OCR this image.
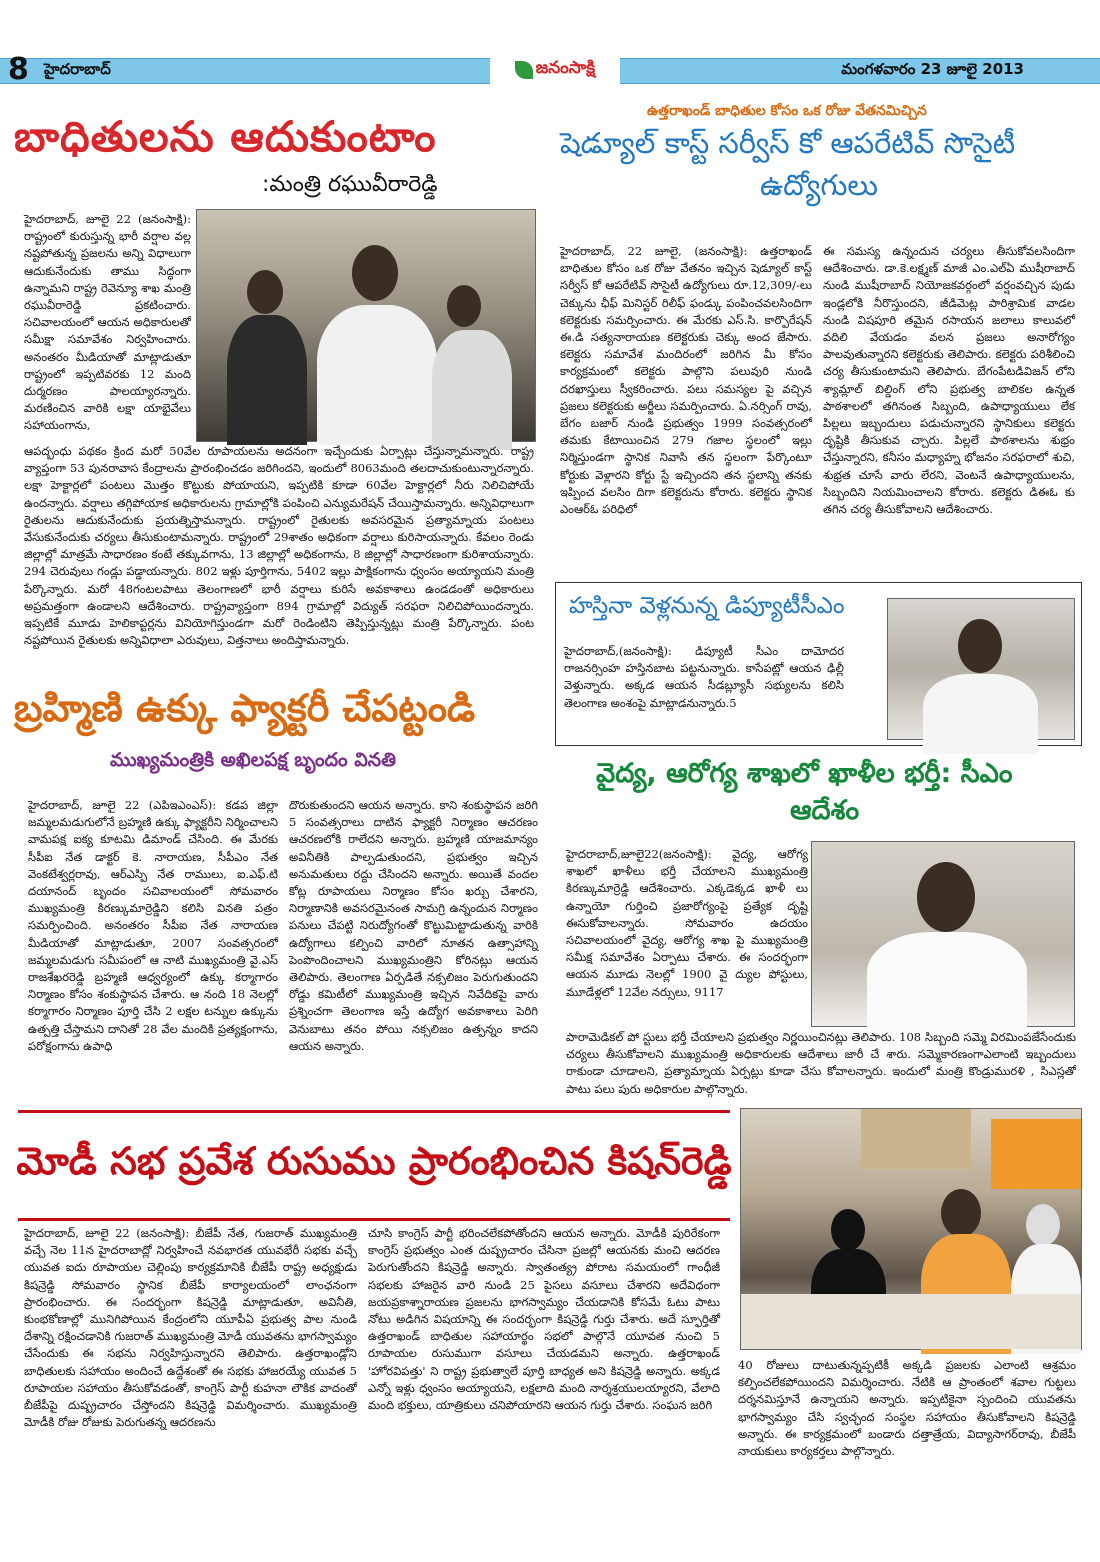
8 హైదరాబాద్	జనంసాక్షి	మంగళవారం 23 జూలై 2013
బాధితులను ఆదుకుంటాం
:మంత్రి రఘువీరారెడ్డి

హైదరాబాద్, జూలై 22 (జనంసాక్షి): రాష్ట్రంలో కురుస్తున్న భారీ వర్షాల వల్ల నష్టపోతున్న ప్రజలను అన్ని విధాలుగా ఆదుకునేందుకు తాము సిద్ధంగా ఉన్నామని రాష్ట్ర రెవెన్యూ శాఖ మంత్రి రఘువీరారెడ్డి ప్రకటించారు. సచివాలయంలో ఆయన అధికారులతో సమీక్షా సమావేశం నిర్వహించారు. అనంతరం మీడియాతో మాట్లాడుతూ రాష్ట్రంలో ఇప్పటివరకు 12 మంది దుర్మరణం పాలయ్యారన్నారు. మరణించిన వారికి లక్షా యాభైవేలు సహాయంగాను,

ఆపద్బంధు పథకం క్రింద మరో 50వేల రూపాయలను అదనంగా ఇచ్చేందుకు ఏర్పాట్లు చేస్తున్నామన్నారు. రాష్ట్ర వ్యాప్తంగా 53 పునరావాస కేంద్రాలను ప్రారంభించడం జరిగిందని, ఇందులో 8063మంది తలదాచుకుంటున్నారన్నారు. లక్షా హెక్టార్లలో పంటలు మొత్తం కొట్టుకు పోయాయని, ఇప్పటికి కూడా 60వేల హెక్టార్లలో నీరు నిలిచిపోయే ఉందన్నారు. వర్షాలు తగ్గిపోయాక అధికారులను గ్రామాల్లోకి పంపించి ఎన్యుమరేషన్ చేయిస్తామన్నారు. అన్నివిధాలుగా రైతులను ఆదుకునేందుకు ప్రయత్నిస్తామన్నారు. రాష్ట్రంలో రైతులకు అవసరమైన ప్రత్యామ్నాయ పంటలు వేసుకునేందుకు చర్యలు తీసుకుంటామన్నారు. రాష్ట్రంలో 29శాతం అధికంగా వర్షాలు కురిసాయన్నారు. కేవలం రెండు జిల్లాల్లో మాత్రమే సాధారణం కంటే తక్కువగాను, 13 జిల్లాల్లో అధికంగాను, 8 జిల్లాల్లో సాధారణంగా కురిశాయన్నారు. 294 చెరువులు గండ్లు పడ్డాయన్నారు. 802 ఇళ్లు పూర్తిగాను, 5402 ఇల్లు పాక్షికంగాను ధ్వంసం అయ్యాయని మంత్రి పేర్కొన్నారు. మరో 48గంటలపాటు తెలంగాణలో భారీ వర్షాలు కురిసే అవకాశాలు ఉండడంతో అధికారులు అప్రమత్తంగా ఉండాలని ఆదేశించారు. రాష్ట్రవ్యాప్తంగా 894 గ్రామాల్లో విద్యుత్ సరఫరా నిలిచిపోయిందన్నారు. ఇప్పటికే మూడు హెలికాప్టర్లను వినియోగిస్తుండగా మరో రెండింటిని తెప్పిస్తున్నట్లు మంత్రి పేర్కొన్నారు. పంట నష్టపోయిన రైతులకు అన్నివిధాలా ఎరువులు, విత్తనాలు అందిస్తామన్నారు.

ఉత్తరాఖండ్ బాధితుల కోసం ఒక రోజు వేతనమిచ్చిన
షెడ్యూల్ కాస్ట్ సర్వీస్ కో ఆపరేటివ్ సొసైటీ
ఉద్యోగులు

హైదరాబాద్, 22 జూలై, (జనంసాక్షి): ఉత్తరాఖండ్ బాధితుల కోసం ఒక రోజు వేతనం ఇచ్చిన షెడ్యూల్ కాస్ట్ సర్వీస్ కో ఆపరేటివ్ సొసైటీ ఉద్యోగులు రూ.12,309/-లు చెక్కును ఛీఫ్ మినిస్టర్ రిలీఫ్ ఫండ్కు పంపించవలసిందిగా కలెక్టరుకు సమర్పించారు. ఈ మేరకు ఎస్.సి. కార్పొరేషన్ ఈ.డి సత్యనారాయణ కలెక్టరుకు చెక్కు అంద జేసారు. కలెక్టరు సమావేశ మందిరంలో జరిగిన మీ కోసం కార్యక్రమంలో కలెక్టరు పాల్గొని పలువురి నుండి దరఖాస్తులు స్వీకరించారు. పలు సమస్యల పై వచ్చిన ప్రజలు కలెక్టరుకు అర్జీలు సమర్పించారు. ఏ.నర్సింగ్ రావు, బేగం బజార్ నుండి ప్రభుత్వం 1999 సంవత్సరంలో తమకు కేటాయించిన 279 గజాల స్థలంలో ఇల్లు నిర్మిస్తుండగా స్థానిక నివాసి తన స్థలంగా పేర్కొంటూ కోర్టుకు వెళ్లారని కోర్టు స్టే ఇచ్చిందని తన స్థలాన్ని తనకు ఇప్పించ వలసిం దిగా కలెక్టరును కోరారు. కలెక్టరు స్థానిక ఎంఆర్ఓ పరిధిలో

ఈ సమస్య ఉన్నందున చర్యలు తీసుకోవలసిందిగా ఆదేశించారు. డా.కె.లక్ష్మణ్ మాజీ ఎం.ఎల్ఏ ముషీరాబాద్ నుండి ముషీరాబాద్ నియోజకవర్గంలో వర్షంవచ్చిన పుడు ఇండ్లలోకి నీరొస్తుందని, జీడిమెట్ల పారిశ్రామిక వాడల నుండి విషపూరి తమైన రసాయన జలాలు కాలువలో వదిలి వేయడం వలన ప్రజలు అనారోగ్యం పాలవుతున్నారని కలెక్టరుకు తెలిపారు. కలెక్టరు పరిశీలించి చర్య తీసుకుంటామని తెలిపారు. బేగంపేటడివిజన్ లోని శ్యామ్లాల్ బిల్డింగ్ లోని ప్రభుత్వ బాలికల ఉన్నత పాఠశాలలో తగినంత సిబ్బంది, ఉపాధ్యాయులు లేక పిల్లలు ఇబ్బందులు పడుచున్నారని స్థానికులు కలెక్టరు దృష్టికి తీసుకువ చ్చారు. పిల్లలే పాఠశాలను శుభ్రం చేస్తున్నారని, కనీసం మధ్యాహ్న భోజనం సరఫరాలో శుచి, శుభ్రత చూసే వారు లేరని, వెంటనే ఉపాధ్యాయులను, సిబ్బందిని నియమించాలని కోరారు. కలెక్టరు డిఈఓ కు తగిన చర్య తీసుకోవాలని ఆదేశించారు.

హస్తినా వెళ్లనున్న డిప్యూటీసీఎం

హైదరాబాద్,(జనంసాక్షి): డిప్యూటీ సీఎం దామోదర రాజనర్సింహ హస్తినబాట పట్టనున్నారు. కాసేపట్లో ఆయన ఢిల్లీ వెళ్తున్నారు. అక్కడ ఆయన సీడబ్ల్యూసీ సభ్యులను కలిసి తెలంగాణ అంశంపై మాట్లాడనున్నారు.5

బ్రహ్మిణి ఉక్కు ఫ్యాక్టరీ చేపట్టండి
ముఖ్యమంత్రికి అఖిలపక్ష బృందం వినతి

హైదరాబాద్, జూలై 22 (ఎపిఇఎంఎస్): కడప జిల్లా జమ్మలమడుగులోనే బ్రహ్మణి ఉక్కు ఫ్యాక్టరీని నిర్మించాలని వామపక్ష ఐక్య కూటమి డిమాండ్ చేసింది. ఈ మేరకు సీపీఐ నేత డాక్టర్ కె. నారాయణ, సీపీఎం నేత వెంకటేశ్వర్లరావు, ఆర్ఎస్పి నేత రాములు, ఐ.ఎఫ్.టి దయానంద్ బృందం సచివాలయంలో సోమవారం ముఖ్యమంత్రి కిరణ్కుమార్రెడ్డిని కలిసి వినతి పత్రం సమర్పించింది. అనంతరం సీపీఐ నేత నారాయణ మీడియాతో మాట్లాడుతూ, 2007 సంవత్సరంలో జమ్మలమడుగు సమీపంలో ఆ నాటి ముఖ్యమంత్రి వై.ఎస్ రాజశేఖరరెడ్డి బ్రహ్మణి ఆధ్వర్యంలో ఉక్కు కర్మాగారం నిర్మాణం కోసం శంకుస్థాపన చేశారు. ఆ నంది 18 నెలల్లో కర్మాగారం నిర్మాణం పూర్తి చేసి 2 లక్షల టన్నుల ఉక్కును ఉత్పత్తి చేస్తామని దానితో 28 వేల మందికి ప్రత్యక్షంగాను, పరోక్షంగాను ఉపాధి

దొరుకుతుందని ఆయన అన్నారు. కాని శంకుస్థాపన జరిగి 5 సంవత్సరాలు దాటిన ఫ్యాక్టరీ నిర్మాణం ఆచరణం ఆచరణలోకి రాలేదని అన్నారు. బ్రహ్మణి యాజమాన్యం అవినీతికి పాల్పడుతుందని, ప్రభుత్వం ఇచ్చిన అనుమతులు రద్దు చేసిందని అన్నారు. అయితే వందల కోట్ల రూపాయలు నిర్మాణం కోసం ఖర్చు చేశారని, నిర్మాణానికి అవసరమైనంత సామగ్రి ఉన్నందున నిర్మాణం పనులు చేపట్టి నిరుద్యోగంతో కొట్టుమిట్టాడుతున్న వారికి ఉద్యోగాలు కల్పించి వారిలో నూతన ఉత్సాహాన్ని పెంపొందించాలని ముఖ్యమంత్రిని కోరినట్లు ఆయన తెలిపారు. తెలంగాణ ఏర్పడితే నక్సలిజం పెరుగుతుందని రోడ్డు కమిటీలో ముఖ్యమంత్రి ఇచ్చిన నివేదికపై వారు ప్రశ్నించగా తెలంగాణ ఇస్తే ఉద్యోగ అవకాశాలు పెరిగి వెనుబాటు తనం పోయి నక్సలిజం ఉత్పన్నం కాదని ఆయన అన్నారు.

వైద్య, ఆరోగ్య శాఖలో ఖాళీల భర్తీ: సీఎం
ఆదేశం

హైదరాబాద్,జూలై22(జనంసాక్షి): వైద్య, ఆరోగ్య శాఖలో ఖాళీలు భర్తీ చేయాలని ముఖ్యమంత్రి కిరణ్కుమార్రెడ్డి ఆదేశించారు. ఎక్కడెక్కడ ఖాళీ లు ఉన్నాయో గుర్తించి ప్రజారోగ్యంపై ప్రత్యేక దృష్టి ఈసుకోవాలన్నారు. సోమవారం ఉదయం సచివాలయంలో వైద్య, ఆరోగ్య శాఖ పై ముఖ్యమంత్రి సమీక్ష సమావేశం ఏర్పాటు చేశారు. ఈ సందర్భంగా ఆయన మూడు నెలల్లో 1900 వై ద్యుల పోస్టులు, మూడేళ్లలో 12వేల నర్సులు, 9117

పారామెడికల్ పో స్టులు భర్తీ చేయాలని ప్రభుత్వం నిర్ణయించినట్లు తెలిపారు. 108 సిబ్బంది సమ్మె విరమింపజేసేందుకు చర్యలు తీసుకోవాలని ముఖ్యమంత్రి అధికారులకు ఆదేశాలు జారీ చే శారు. సమ్మెకారణంగాఎలాంటి ఇబ్బందులు రాకుండా చూడాలని, ప్రత్యామ్నాయ ఏర్పట్లు కూడా చేసు కోవాలన్నారు. ఇందులో మంత్రి కొండ్రుమురళి , సిఎస్లతో పాటు పలు పురు అధికారుల పాల్గొన్నారు.

మోడీ సభ ప్రవేశ రుసుము ప్రారంభించిన కిషన్‌రెడ్డి

హైదరాబాద్, జూలై 22 (జనంసాక్షి): బీజేపీ నేత, గుజరాత్ ముఖ్యమంత్రి వచ్చే నెల 11న హైదరాబాద్లో నిర్వహించే నవభారత యువభేరీ సభకు వచ్చే యువత ఐదు రూపాయల చెల్లింపు కార్యక్రమానికి బీజేపీ రాష్ట్ర అధ్యక్షుడు కిషన్రెడ్డి సోమవారం స్థానిక బీజేపీ కార్యాలయంలో లాంఛనంగా ప్రారంభించారు. ఈ సందర్భంగా కిషన్రెడ్డి మాట్లాడుతూ, అవినీతి, కుంభకోణాల్లో మునిగిపోయిన కేంద్రంలోని యూపీఏ ప్రభుత్వ పాల నుండి దేశాన్ని రక్షించడానికి గుజరాత్ ముఖ్యమంత్రి మోడీ యువతను భాగస్వామ్యం చేసేందుకు ఈ సభను నిర్వహిస్తున్నారని తెలిపారు. ఉత్తరాఖండ్లోని బాధితులకు సహాయం అందించే ఉద్దేశంతో ఈ సభకు హాజరయ్యే యువత 5 రూపాయల సహాయం తీసుకోవడంతో, కాంగ్రెస్ పార్టీ కుహనా లౌకిక వాదంతో బీజేపీపై దుష్ప్రచారం చేస్తోందని కిషన్రెడ్డి విమర్శించారు. ముఖ్యమంత్రి మోడీకి రోజు రోజుకు పెరుగుతన్న ఆదరణను

చూసి కాంగ్రెస్ పార్టీ భరించలేకపోతోందని ఆయన అన్నారు. మోడీకి పురిరేకంగా కాంగ్రెస్ ప్రభుత్వం ఎంత దుష్ప్రచారం చేసినా ప్రజల్లో ఆయనకు మంచి ఆదరణ పెరుగుతోందని కిషన్రెడ్డి అన్నారు. స్వాతంత్య్ర పోరాట సమయంలో గాంధీజీ సభలకు హాజరైన వారి నుండి 25 పైసలు వసూలు చేశారని అదేవిధంగా జయప్రకాశ్నారాయణ ప్రజలను భాగస్వామ్యం చేయడానికి కోసమే ఓటు పాటు నోటు అడిగిన విషయాన్ని ఈ సందర్భంగా కిషన్రెడ్డి గుర్తు చేశారు. అదే స్ఫూర్తితో ఉత్తరాఖండ్ బాధితుల సహాయార్థం సభలో పాల్గొనే యూవత నుంచి 5 రూపాయల రుసుముగా వసూలు చేయడమని అన్నారు. ఉత్తరాఖండ్ 'హోరవిపత్తు' ని రాష్ట్ర ప్రభుత్వాలే పూర్తి బాధ్యత అని కిషన్రెడ్డి అన్నారు. అక్కడ ఎన్నో ఇళ్లు ధ్వంసం అయ్యాయని, లక్షలాది మంది నార్శశ్రయులయ్యారని, వేలాది మంది భక్తులు, యాత్రికులు చనిపోయారని ఆయన గుర్తు చేశారు. సంఘన జరిగి

40 రోజులు దాటుతున్నప్పటికీ అక్కడి ప్రజలకు ఎలాంటి ఆశ్రమం కల్పించలేకపోయిందని విమర్శించారు. నేటికి ఆ ప్రాంతంలో శవాల గుట్టలు దర్శనమిస్తూనే ఉన్నాయని అన్నారు. ఇప్పటికైనా స్పందించి యువతను భాగస్వామ్యం చేసి స్వచ్ఛంద సంస్థల సహాయం తీసుకోవాలని కిషన్రెడ్డి అన్నారు. ఈ కార్యక్రమంలో బండారు దత్తాత్రేయ, విద్యాసాగర్‌రావు, బీజేపీ నాయకులు కార్యకర్తలు పాల్గొన్నారు.
